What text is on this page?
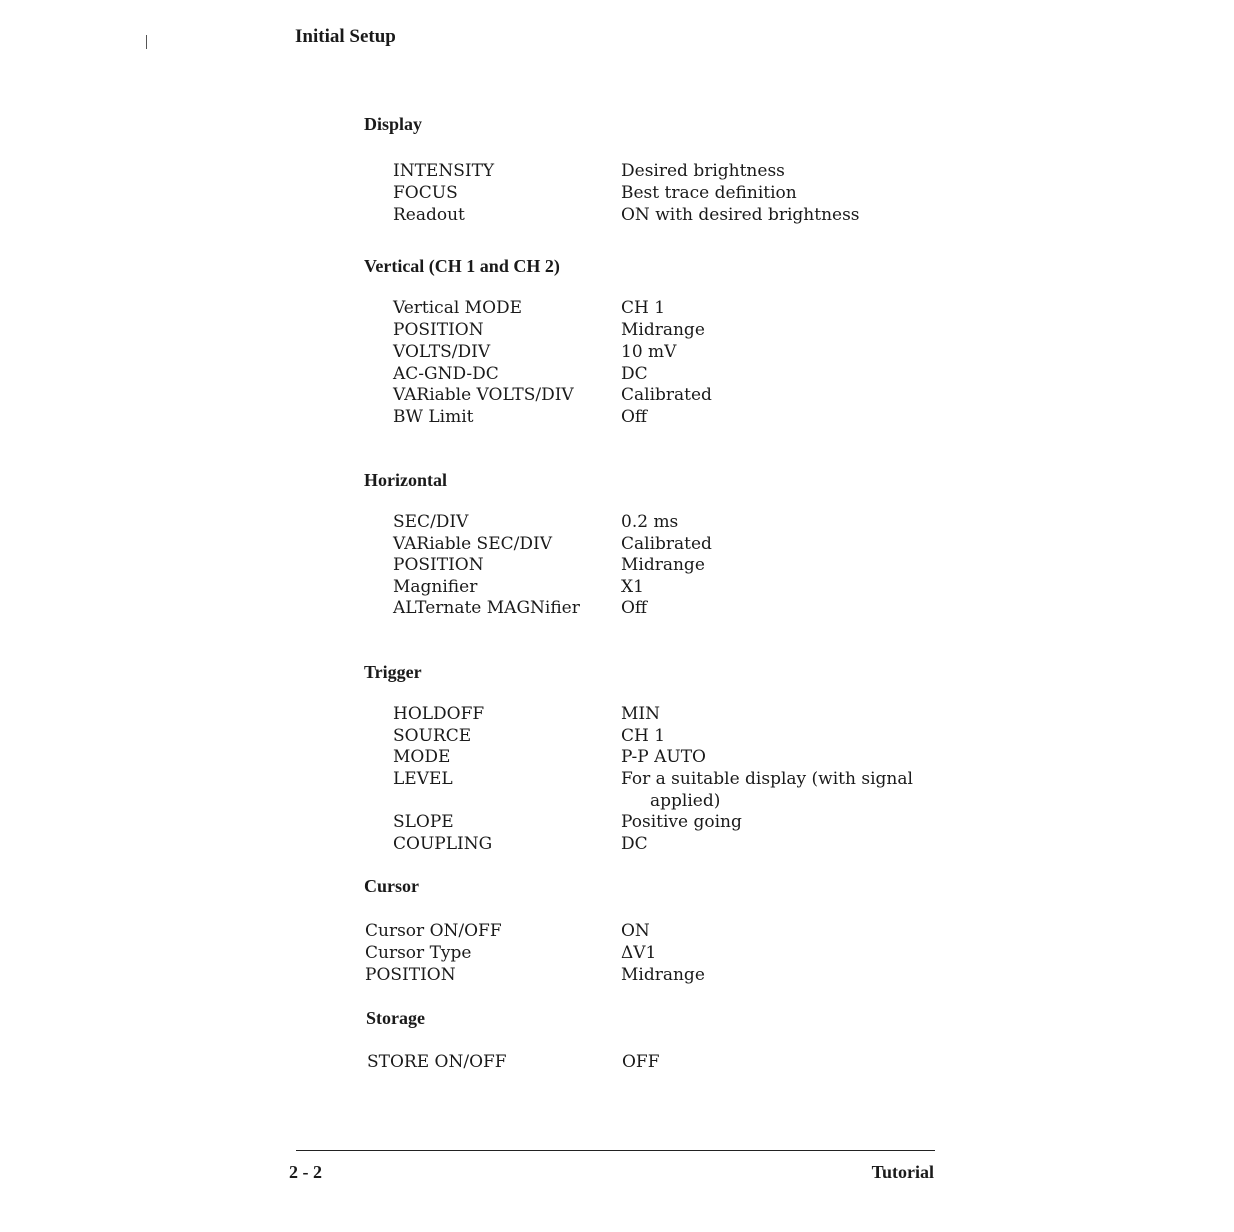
Initial Setup
Display
INTENSITY	Desired brightness
FOCUS	Best trace definition
Readout	ON with desired brightness
Vertical (CH 1 and CH 2)
Vertical MODE	CH 1
POSITION	Midrange
VOLTS/DIV	10 mV
AC-GND-DC	DC
VARiable VOLTS/DIV	Calibrated
BW Limit	Off
Horizontal
SEC/DIV	0.2 ms
VARiable SEC/DIV	Calibrated
POSITION	Midrange
Magnifier	X1
ALTernate MAGNifier Off
Trigger
HOLDOFF	MIN
SOURCE	CH 1
MODE	P-P AUTO
LEVEL	For a suitable display (with signal
applied)
SLOPE	Positive going
COUPLING	DC
Cursor
Cursor ON/OFF	ON
Cursor Type	ΔV1
POSITION	Midrange
Storage
STORE ON/OFF	OFF
2 - 2	Tutorial
